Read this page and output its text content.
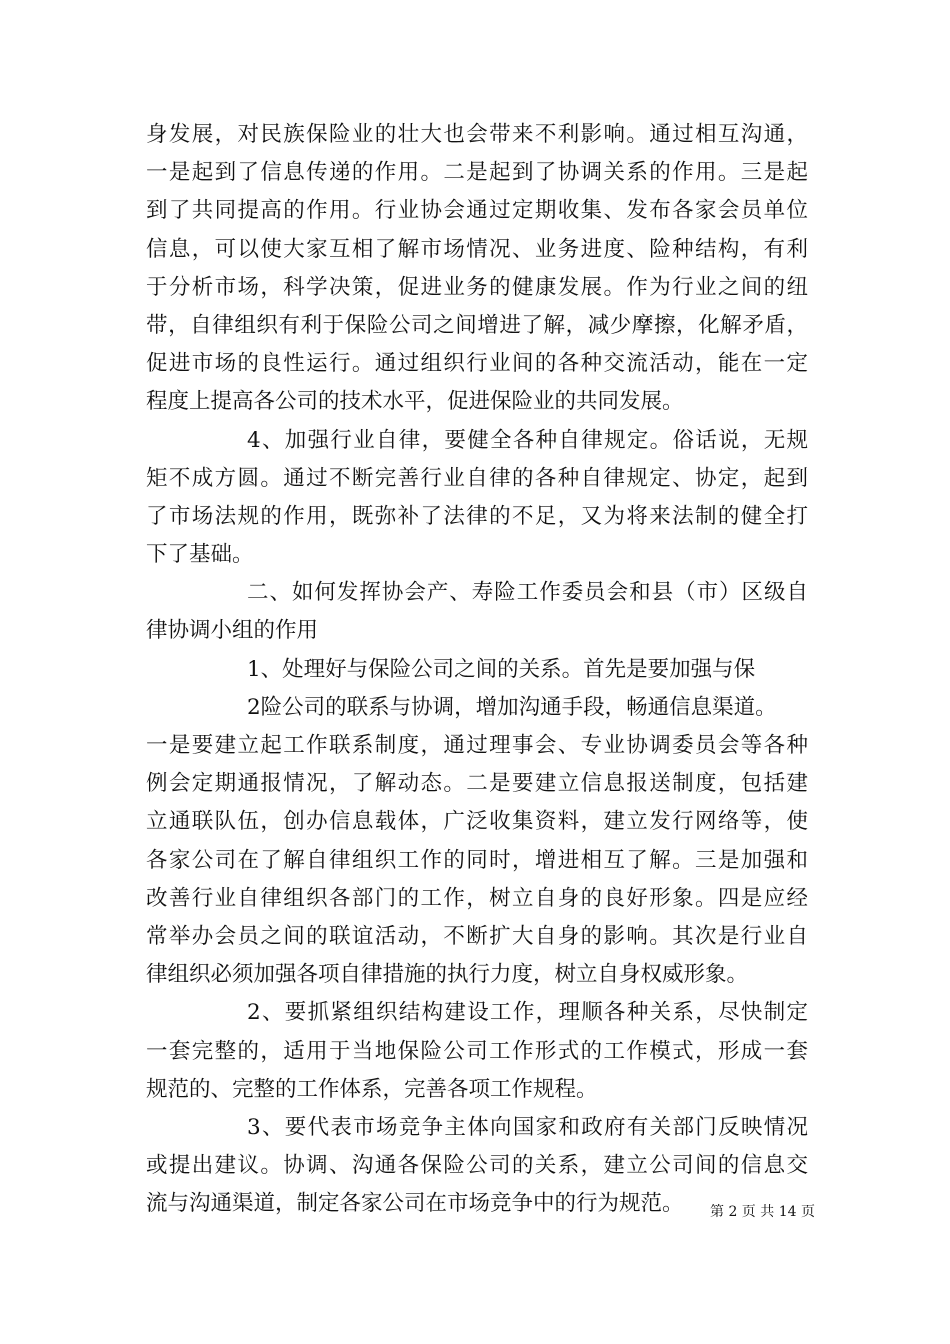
身发展，对民族保险业的壮大也会带来不利影响。通过相互沟通，
一是起到了信息传递的作用。二是起到了协调关系的作用。三是起
到了共同提高的作用。行业协会通过定期收集、发布各家会员单位
信息，可以使大家互相了解市场情况、业务进度、险种结构，有利
于分析市场，科学决策，促进业务的健康发展。作为行业之间的纽
带，自律组织有利于保险公司之间增进了解，减少摩擦，化解矛盾，
促进市场的良性运行。通过组织行业间的各种交流活动，能在一定
程度上提高各公司的技术水平，促进保险业的共同发展。
4、加强行业自律，要健全各种自律规定。俗话说，无规
矩不成方圆。通过不断完善行业自律的各种自律规定、协定，起到
了市场法规的作用，既弥补了法律的不足，又为将来法制的健全打
下了基础。
二、如何发挥协会产、寿险工作委员会和县（市）区级自
律协调小组的作用
1、处理好与保险公司之间的关系。首先是要加强与保
2险公司的联系与协调，增加沟通手段，畅通信息渠道。
一是要建立起工作联系制度，通过理事会、专业协调委员会等各种
例会定期通报情况，了解动态。二是要建立信息报送制度，包括建
立通联队伍，创办信息载体，广泛收集资料，建立发行网络等，使
各家公司在了解自律组织工作的同时，增进相互了解。三是加强和
改善行业自律组织各部门的工作，树立自身的良好形象。四是应经
常举办会员之间的联谊活动，不断扩大自身的影响。其次是行业自
律组织必须加强各项自律措施的执行力度，树立自身权威形象。
2、要抓紧组织结构建设工作，理顺各种关系，尽快制定
一套完整的，适用于当地保险公司工作形式的工作模式，形成一套
规范的、完整的工作体系，完善各项工作规程。
3、要代表市场竞争主体向国家和政府有关部门反映情况
或提出建议。协调、沟通各保险公司的关系，建立公司间的信息交
流与沟通渠道，制定各家公司在市场竞争中的行为规范。	第 2 页 共 14 页
